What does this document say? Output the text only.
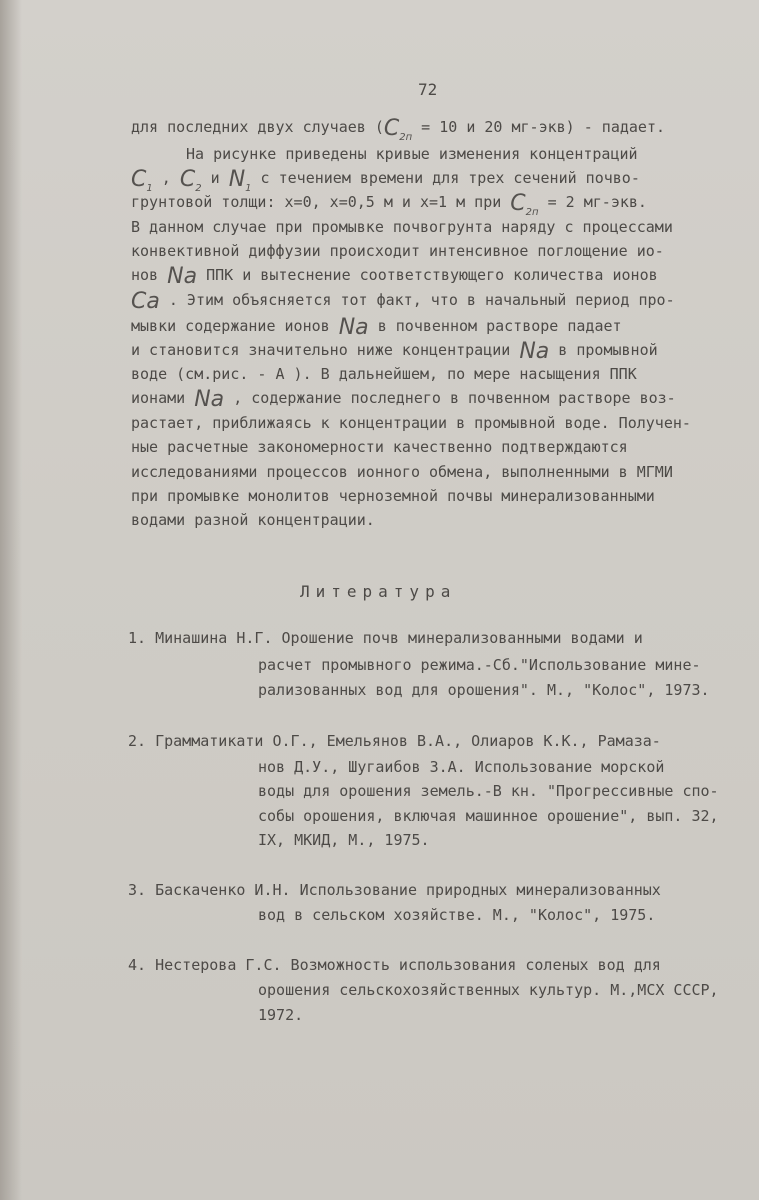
72
для последних двух случаев ($C_{2п} = 10$ и 20 мг-экв) - падает.
На рисунке приведены кривые изменения концентраций
$C_1$ , $C_2$ и $N_1$ с течением времени для трех сечений почво-
грунтовой толщи: x=0, x=0,5 м и x=1 м при $C_{2п} = 2$ мг-экв.
В данном случае при промывке почвогрунта наряду с процессами
конвективной диффузии происходит интенсивное поглощение ио-
нов Na ППК и вытеснение соответствующего количества ионов
Ca . Этим объясняется тот факт, что в начальный период про-
мывки содержание ионов Na в почвенном растворе падает
и становится значительно ниже концентрации Na в промывной
воде (см.рис. - А ). В дальнейшем, по мере насыщения ППК
ионами Na , содержание последнего в почвенном растворе воз-
растает, приближаясь к концентрации в промывной воде. Получен-
ные расчетные закономерности качественно подтверждаются
исследованиями процессов ионного обмена, выполненными в МГМИ
при промывке монолитов черноземной почвы минерализованными
водами разной концентрации.
Литература
1. Минашина Н.Г. Орошение почв минерализованными водами и
расчет промывного режима.-Сб."Использование мине-
рализованных вод для орошения". М., "Колос", 1973.
2. Грамматикати О.Г., Емельянов В.А., Олиаров К.К., Рамаза-
нов Д.У., Шугаибов З.А. Использование морской
воды для орошения земель.-В кн. "Прогрессивные спо-
собы орошения, включая машинное орошение", вып. 32,
IX, МКИД, М., 1975.
3. Баскаченко И.Н. Использование природных минерализованных
вод в сельском хозяйстве. М., "Колос", 1975.
4. Нестерова Г.С. Возможность использования соленых вод для
орошения сельскохозяйственных культур. М.,МСХ СССР,
1972.
